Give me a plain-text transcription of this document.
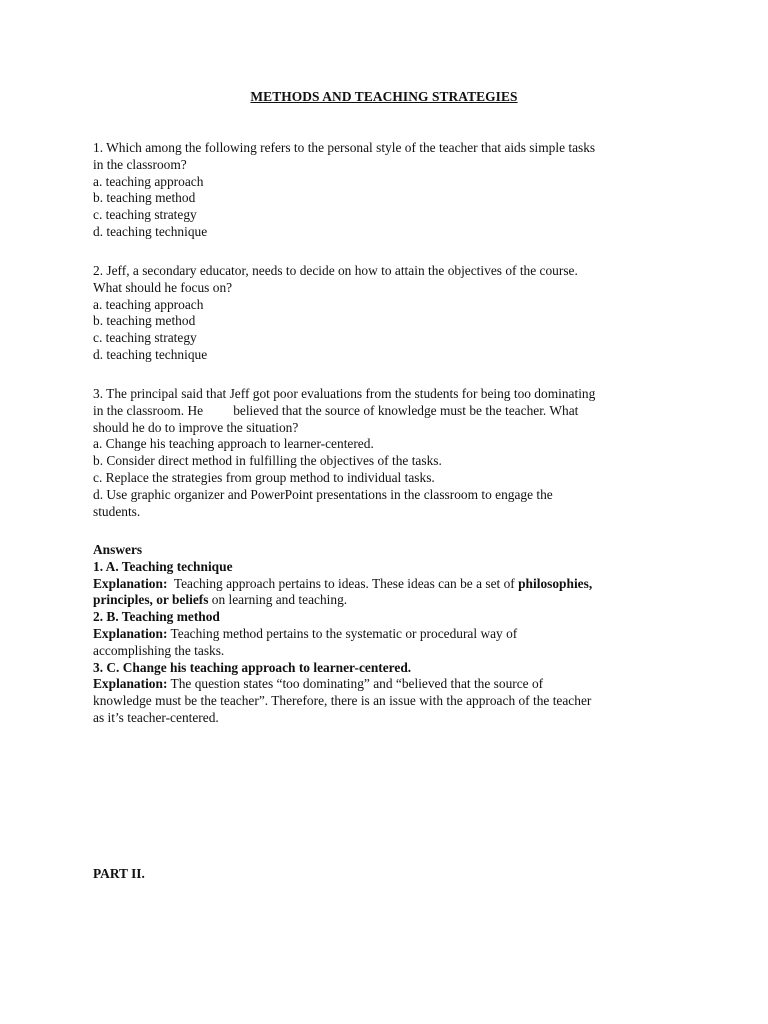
METHODS AND TEACHING STRATEGIES
1. Which among the following refers to the personal style of the teacher that aids simple tasks
in the classroom?
a. teaching approach
b. teaching method
c. teaching strategy
d. teaching technique
2. Jeff, a secondary educator, needs to decide on how to attain the objectives of the course.
What should he focus on?
a. teaching approach
b. teaching method
c. teaching strategy
d. teaching technique
3. The principal said that Jeff got poor evaluations from the students for being too dominating
in the classroom. He         believed that the source of knowledge must be the teacher. What
should he do to improve the situation?
a. Change his teaching approach to learner-centered.
b. Consider direct method in fulfilling the objectives of the tasks.
c. Replace the strategies from group method to individual tasks.
d. Use graphic organizer and PowerPoint presentations in the classroom to engage the
students.
Answers
1. A. Teaching technique
Explanation:  Teaching approach pertains to ideas. These ideas can be a set of philosophies,
principles, or beliefs on learning and teaching.
2. B. Teaching method
Explanation: Teaching method pertains to the systematic or procedural way of
accomplishing the tasks.
3. C. Change his teaching approach to learner-centered.
Explanation: The question states “too dominating” and “believed that the source of
knowledge must be the teacher”. Therefore, there is an issue with the approach of the teacher
as it’s teacher-centered.
PART II.
